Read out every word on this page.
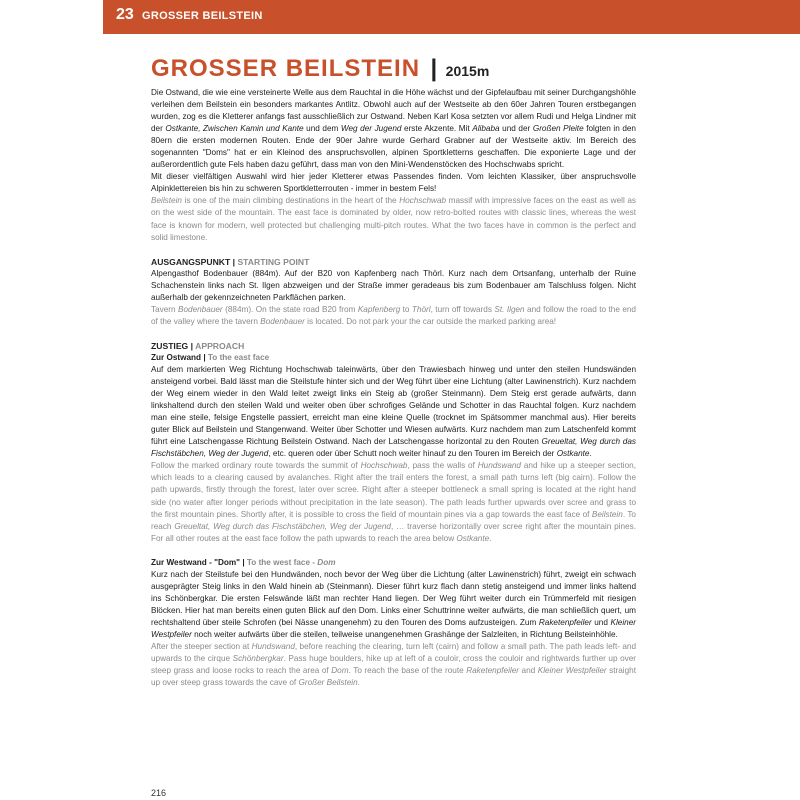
23 GROSSER BEILSTEIN
GROSSER BEILSTEIN | 2015m

Die Ostwand, die wie eine versteinerte Welle aus dem Rauchtal in die Höhe wächst und der Gipfelaufbau mit seiner Durchgangshöhle verleihen dem Beilstein ein besonders markantes Antlitz. Obwohl auch auf der Westseite ab den 60er Jahren Touren erstbegangen wurden, zog es die Kletterer anfangs fast ausschließlich zur Ostwand. Neben Karl Kosa setzten vor allem Rudi und Helga Lindner mit der Ostkante, Zwischen Kamin und Kante und dem Weg der Jugend erste Akzente. Mit Alibaba und der Großen Pleite folgten in den 80ern die ersten modernen Routen. Ende der 90er Jahre wurde Gerhard Grabner auf der Westseite aktiv. Im Bereich des sogenannten "Doms" hat er ein Kleinod des anspruchsvollen, alpinen Sportkletterns geschaffen. Die exponierte Lage und der außerordentlich gute Fels haben dazu geführt, dass man von den Mini-Wendenstöcken des Hochschwabs spricht.

Mit dieser vielfältigen Auswahl wird hier jeder Kletterer etwas Passendes finden. Vom leichten Klassiker, über anspruchsvolle Alpinklettereien bis hin zu schweren Sportkletterrouten - immer in bestem Fels!

Beilstein is one of the main climbing destinations in the heart of the Hochschwab massif with impressive faces on the east as well as on the west side of the mountain. The east face is dominated by older, now retro-bolted routes with classic lines, whereas the west face is known for modern, well protected but challenging multi-pitch routes. What the two faces have in common is the perfect and solid limestone.

AUSGANGSPUNKT | STARTING POINT

Alpengasthof Bodenbauer (884m). Auf der B20 von Kapfenberg nach Thörl. Kurz nach dem Ortsanfang, unterhalb der Ruine Schachenstein links nach St. Ilgen abzweigen und der Straße immer geradeaus bis zum Bodenbauer am Talschluss folgen. Nicht außerhalb der gekennzeichneten Parkflächen parken.

Tavern Bodenbauer (884m). On the state road B20 from Kapfenberg to Thörl, turn off towards St. Ilgen and follow the road to the end of the valley where the tavern Bodenbauer is located. Do not park your the car outside the marked parking area!

ZUSTIEG | APPROACH
Zur Ostwand | To the east face

Auf dem markierten Weg Richtung Hochschwab taleinwärts, über den Trawiesbach hinweg und unter den steilen Hundswänden ansteigend vorbei. Bald lässt man die Steilstufe hinter sich und der Weg führt über eine Lichtung (alter Lawinenstrich). Kurz nachdem der Weg einem wieder in den Wald leitet zweigt links ein Steig ab (großer Steinmann). Dem Steig erst gerade aufwärts, dann linkshaltend durch den steilen Wald und weiter oben über schrofiges Gelände und Schotter in das Rauchtal folgen. Kurz nachdem man eine steile, felsige Engstelle passiert, erreicht man eine kleine Quelle (trocknet im Spätsommer manchmal aus). Hier bereits guter Blick auf Beilstein und Stangenwand. Weiter über Schotter und Wiesen aufwärts. Kurz nachdem man zum Latschenfeld kommt führt eine Latschengasse Richtung Beilstein Ostwand. Nach der Latschengasse horizontal zu den Routen Greueltat, Weg durch das Fischstäbchen, Weg der Jugend, etc. queren oder über Schutt noch weiter hinauf zu den Touren im Bereich der Ostkante.

Follow the marked ordinary route towards the summit of Hochschwab, pass the walls of Hundswand and hike up a steeper section, which leads to a clearing caused by avalanches. Right after the trail enters the forest, a small path turns left (big cairn). Follow the path upwards, firstly through the forest, later over scree. Right after a steeper bottleneck a small spring is located at the right hand side (no water after longer periods without precipitation in the late season). The path leads further upwards over scree and grass to the first mountain pines. Shortly after, it is possible to cross the field of mountain pines via a gap towards the east face of Beilstein. To reach Greueltat, Weg durch das Fischstäbchen, Weg der Jugend, … traverse horizontally over scree right after the mountain pines. For all other routes at the east face follow the path upwards to reach the area below Ostkante.

Zur Westwand - "Dom" | To the west face - Dom

Kurz nach der Steilstufe bei den Hundwänden, noch bevor der Weg über die Lichtung (alter Lawinenstrich) führt, zweigt ein schwach ausgeprägter Steig links in den Wald hinein ab (Steinmann). Dieser führt kurz flach dann stetig ansteigend und immer links haltend ins Schönbergkar. Die ersten Felswände läßt man rechter Hand liegen. Der Weg führt weiter durch ein Trümmerfeld mit riesigen Blöcken. Hier hat man bereits einen guten Blick auf den Dom. Links einer Schuttrinne weiter aufwärts, die man schließlich quert, um rechtshaltend über steile Schrofen (bei Nässe unangenehm) zu den Touren des Doms aufzusteigen. Zum Raketenpfeiler und Kleiner Westpfeiler noch weiter aufwärts über die steilen, teilweise unangenehmen Grashänge der Salzleiten, in Richtung Beilsteinhöhle.

After the steeper section at Hundswand, before reaching the clearing, turn left (cairn) and follow a small path. The path leads left- and upwards to the cirque Schönbergkar. Pass huge boulders, hike up at left of a couloir, cross the couloir and rightwards further up over steep grass and loose rocks to reach the area of Dom. To reach the base of the route Raketenpfeiler and Kleiner Westpfeiler straight up over steep grass towards the cave of Großer Beilstein.

216
